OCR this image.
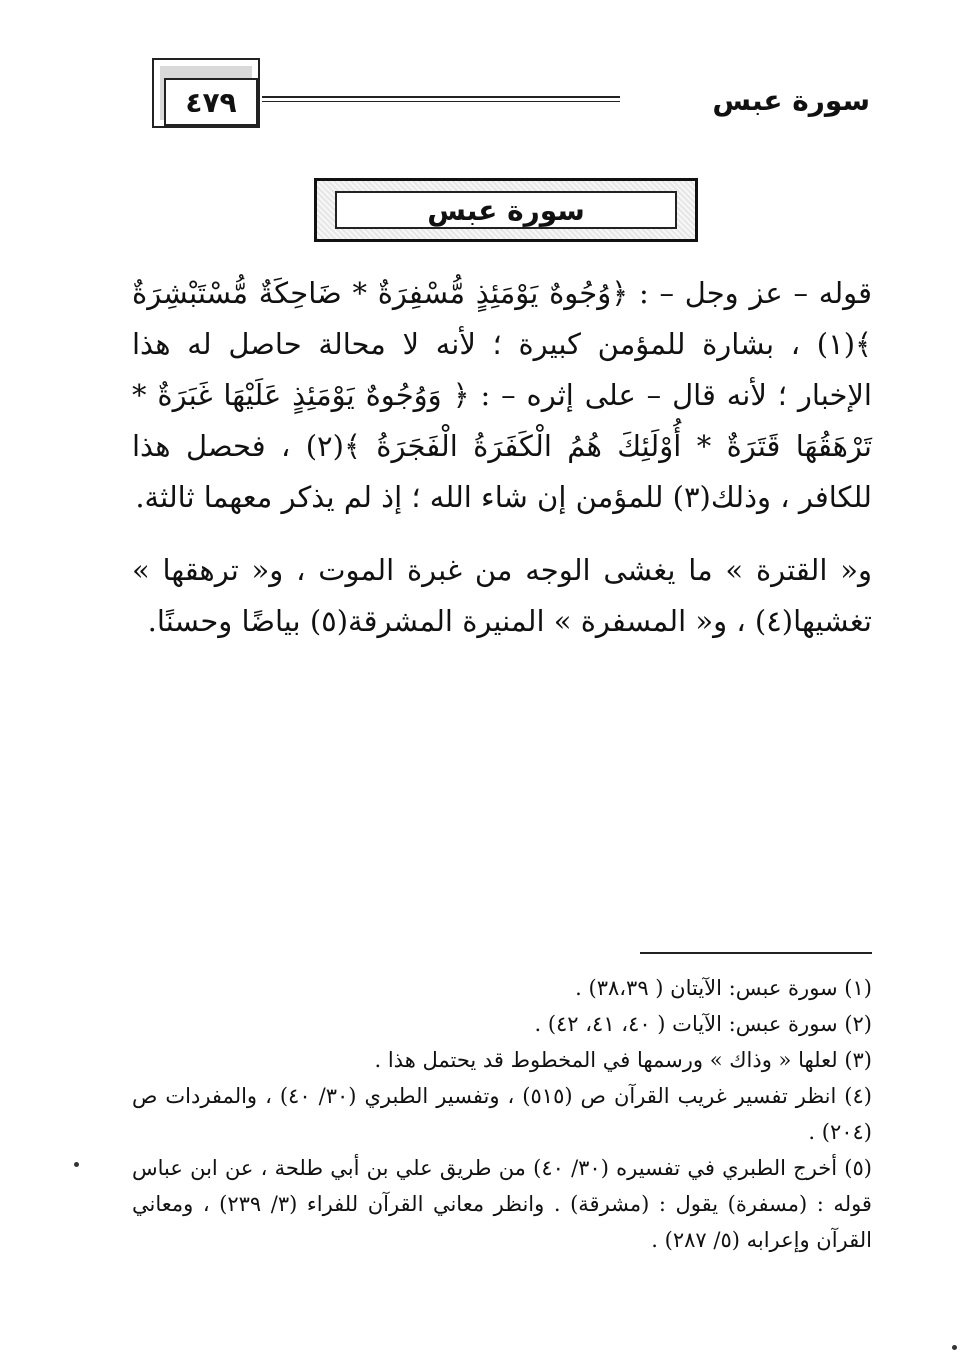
٤٧٩	سورة عبس
سورة عبس

قوله – عز وجل – : ﴿وُجُوهٌ يَوْمَئِذٍ مُّسْفِرَةٌ * ضَاحِكَةٌ مُّسْتَبْشِرَةٌ ﴾(١) ، بشارة للمؤمن كبيرة ؛ لأنه لا محالة حاصل له هذا الإخبار ؛ لأنه قال – على إثره – : ﴿ وَوُجُوهٌ يَوْمَئِذٍ عَلَيْهَا غَبَرَةٌ * تَرْهَقُهَا قَتَرَةٌ * أُوْلَئِكَ هُمُ الْكَفَرَةُ الْفَجَرَةُ ﴾(٢) ، فحصل هذا للكافر ، وذلك(٣) للمؤمن إن شاء الله ؛ إذ لم يذكر معهما ثالثة.

و« القترة » ما يغشى الوجه من غبرة الموت ، و« ترهقها » تغشيها(٤) ، و« المسفرة » المنيرة المشرقة(٥) بياضًا وحسنًا.

(١) سورة عبس: الآيتان ( ٣٨،٣٩) .

(٢) سورة عبس: الآيات ( ٤٠، ٤١، ٤٢) .

(٣) لعلها « وذاك » ورسمها في المخطوط قد يحتمل هذا .

(٤) انظر تفسير غريب القرآن ص (٥١٥) ، وتفسير الطبري (٣٠/ ٤٠) ، والمفردات ص (٢٠٤) .

(٥) أخرج الطبري في تفسيره (٣٠/ ٤٠) من طريق علي بن أبي طلحة ، عن ابن عباس قوله : (مسفرة) يقول : (مشرقة) . وانظر معاني القرآن للفراء (٣/ ٢٣٩) ، ومعاني القرآن وإعرابه (٥/ ٢٨٧) .
